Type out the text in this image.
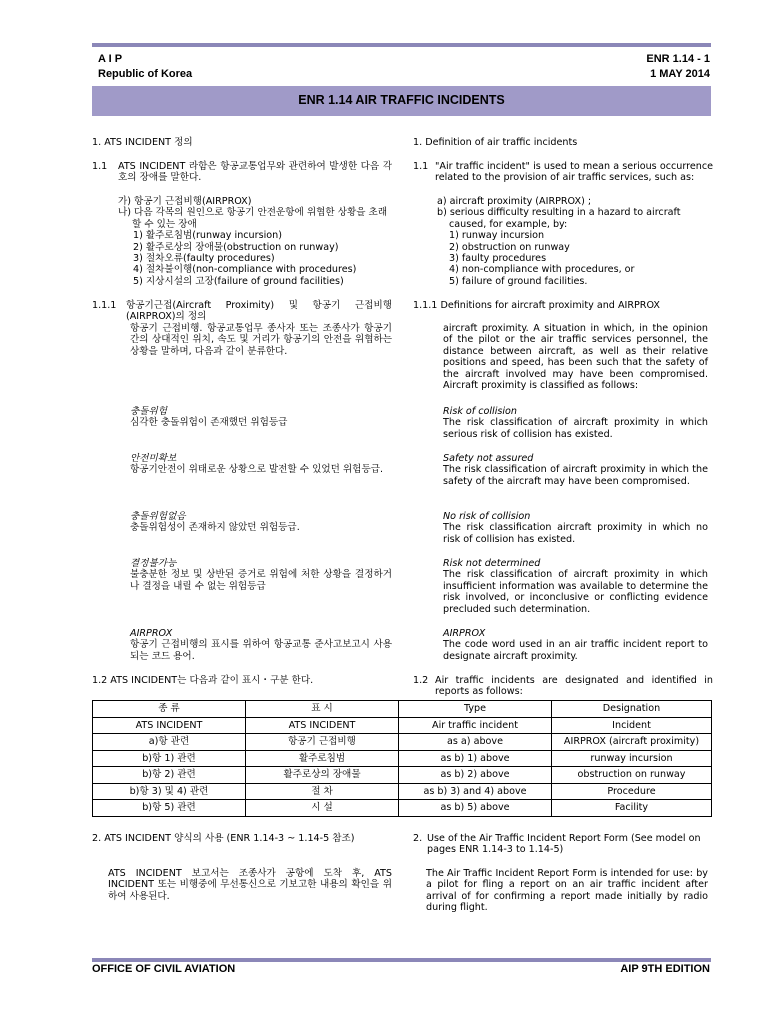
A I P
Republic of Korea
ENR 1.14 - 1
1 MAY 2014
ENR 1.14 AIR TRAFFIC INCIDENTS
1. ATS INCIDENT 정의
1.1	ATS INCIDENT 라함은 항공교통업무와 관련하여 발생한 다음 각 호의 장애를 말한다.

가) 항공기 근접비행(AIRPROX)

나) 다음 각목의 원인으로 항공기 안전운항에 위협한 상황을 초래할 수 있는 장애

1) 활주로침범(runway incursion)

2) 활주로상의 장애물(obstruction on runway)

3) 절차오류(faulty procedures)

4) 절차불이행(non-compliance with procedures)

5) 지상시설의 고장(failure of ground facilities)

1.1.1 항공기근접(Aircraft Proximity) 및 항공기 근접비행(AIRPROX)의 정의
항공기 근접비행. 항공교통업무 종사자 또는 조종사가 항공기간의 상대적인 위치, 속도 및 거리가 항공기의 안전을 위협하는 상황을 말하며, 다음과 같이 분류한다.

충돌위험

심각한 충돌위험이 존재했던 위험등급

안전미확보

항공기안전이 위태로운 상황으로 발전할 수 있었던 위험등급.

충돌위험없음

충돌위험성이 존재하지 않았던 위험등급.

결정불가능

불충분한 정보 및 상반된 증거로 위험에 처한 상황을 결정하거나 결정을 내릴 수 없는 위험등급

AIRPROX

항공기 근접비행의 표시를 위하여 항공교통 준사고보고시 사용되는 코드 용어.

1.2 ATS INCIDENT는 다음과 같이 표시・구분 한다.
1. Definition of air traffic incidents
1.1 "Air traffic incident" is used to mean a serious occurrence related to the provision of air traffic services, such as:

a) aircraft proximity (AIRPROX) ;

b) serious difficulty resulting in a hazard to aircraft caused, for example, by:

1) runway incursion

2) obstruction on runway

3) faulty procedures

4) non-compliance with procedures, or

5) failure of ground facilities.

1.1.1 Definitions for aircraft proximity and AIRPROX
aircraft proximity. A situation in which, in the opinion of the pilot or the air traffic services personnel, the distance between aircraft, as well as their relative positions and speed, has been such that the safety of the aircraft involved may have been compromised. Aircraft proximity is classified as follows:

Risk of collision

The risk classification of aircraft proximity in which serious risk of collision has existed.

Safety not assured

The risk classification of aircraft proximity in which the safety of the aircraft may have been compromised.

No risk of collision

The risk classification aircraft proximity in which no risk of collision has existed.

Risk not determined

The risk classification of aircraft proximity in which insufficient information was available to determine the risk involved, or inconclusive or conflicting evidence precluded such determination.

AIRPROX

The code word used in an air traffic incident report to designate aircraft proximity.

1.2 Air traffic incidents are designated and identified in reports as follows:
종 류	표 시	Type	Designation
ATS INCIDENT	ATS INCIDENT	Air traffic incident	Incident
a)항 관련	항공기 근접비행	as a) above	AIRPROX (aircraft proximity)
b)항 1) 관련	활주로침범	as b) 1) above	runway incursion
b)항 2) 관련	활주로상의 장애물	as b) 2) above	obstruction on runway
b)항 3) 및 4) 관련	절 차	as b) 3) and 4) above	Procedure
b)항 5) 관련	시 설	as b) 5) above	Facility
2. ATS INCIDENT 양식의 사용 (ENR 1.14-3 ~ 1.14-5 참조)
ATS INCIDENT 보고서는 조종사가 공항에 도착 후, ATS INCIDENT 또는 비행중에 무선통신으로 기보고한 내용의 확인을 위하여 사용된다.
2. Use of the Air Traffic Incident Report Form (See model on pages ENR 1.14-3 to 1.14-5)
The Air Traffic Incident Report Form is intended for use: by a pilot for fling a report on an air traffic incident after arrival of for confirming a report made initially by radio during flight.
OFFICE OF CIVIL AVIATION	AIP 9TH EDITION
